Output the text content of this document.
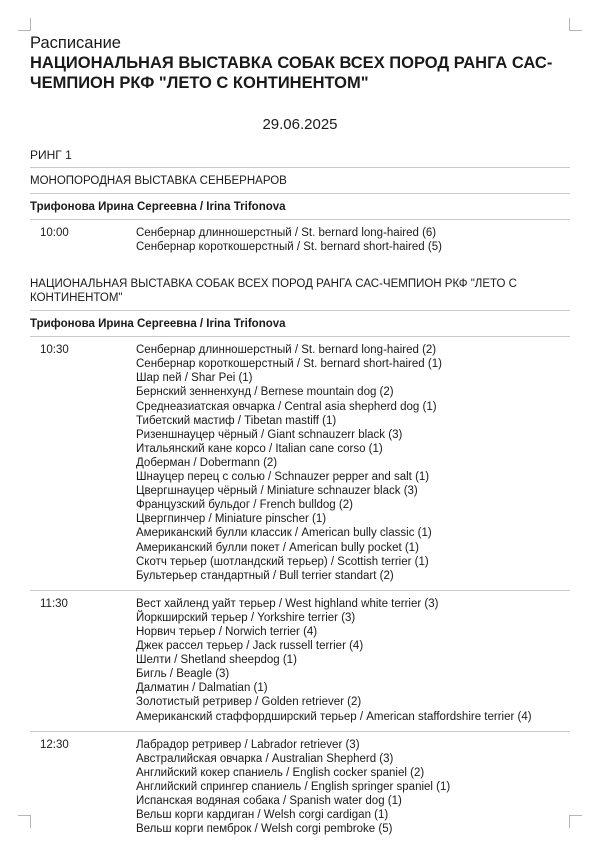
Расписание
НАЦИОНАЛЬНАЯ ВЫСТАВКА СОБАК ВСЕХ ПОРОД РАНГА САС-ЧЕМПИОН РКФ "ЛЕТО С КОНТИНЕНТОМ"
29.06.2025
РИНГ 1
МОНОПОРОДНАЯ ВЫСТАВКА СЕНБЕРНАРОВ
Трифонова Ирина Сергеевна / Irina Trifonova
10:00	Сенбернар длинношерстный / St. bernard long-haired (6)
Сенбернар короткошерстный / St. bernard short-haired (5)
НАЦИОНАЛЬНАЯ ВЫСТАВКА СОБАК ВСЕХ ПОРОД РАНГА САС-ЧЕМПИОН РКФ "ЛЕТО С КОНТИНЕНТОМ"
Трифонова Ирина Сергеевна / Irina Trifonova
10:30	Сенбернар длинношерстный / St. bernard long-haired (2)
Сенбернар короткошерстный / St. bernard short-haired (1)
Шар пей / Shar Pei (1)
Бернский зенненхунд / Bernese mountain dog (2)
Среднеазиатская овчарка / Central asia shepherd dog (1)
Тибетский мастиф / Tibetan mastiff (1)
Ризеншнауцер чёрный / Giant schnauzerr black (3)
Итальянский кане корсо / Italian cane corso (1)
Доберман / Dobermann (2)
Шнауцер перец с солью / Schnauzer pepper and salt (1)
Цвергшнауцер чёрный / Miniature schnauzer black (3)
Французский бульдог / French bulldog (2)
Цвергпинчер / Miniature pinscher (1)
Американский булли классик / American bully classic (1)
Американский булли покет / American bully pocket (1)
Скотч терьер (шотландский терьер) / Scottish terrier (1)
Бультерьер стандартный / Bull terrier standart (2)
11:30	Вест хайленд уайт терьер / West highland white terrier (3)
Йоркширский терьер / Yorkshire terrier (3)
Норвич терьер / Norwich terrier (4)
Джек рассел терьер / Jack russell terrier (4)
Шелти / Shetland sheepdog (1)
Бигль / Beagle (3)
Далматин / Dalmatian (1)
Золотистый ретривер / Golden retriever (2)
Американский стаффордширский терьер / American staffordshire terrier (4)
12:30	Лабрадор ретривер / Labrador retriever (3)
Австралийская овчарка / Australian Shepherd (3)
Английский кокер спаниель / English cocker spaniel (2)
Английский спрингер спаниель / English springer spaniel (1)
Испанская водяная собака / Spanish water dog (1)
Вельш корги кардиган / Welsh corgi cardigan (1)
Вельш корги пемброк / Welsh corgi pembroke (5)
